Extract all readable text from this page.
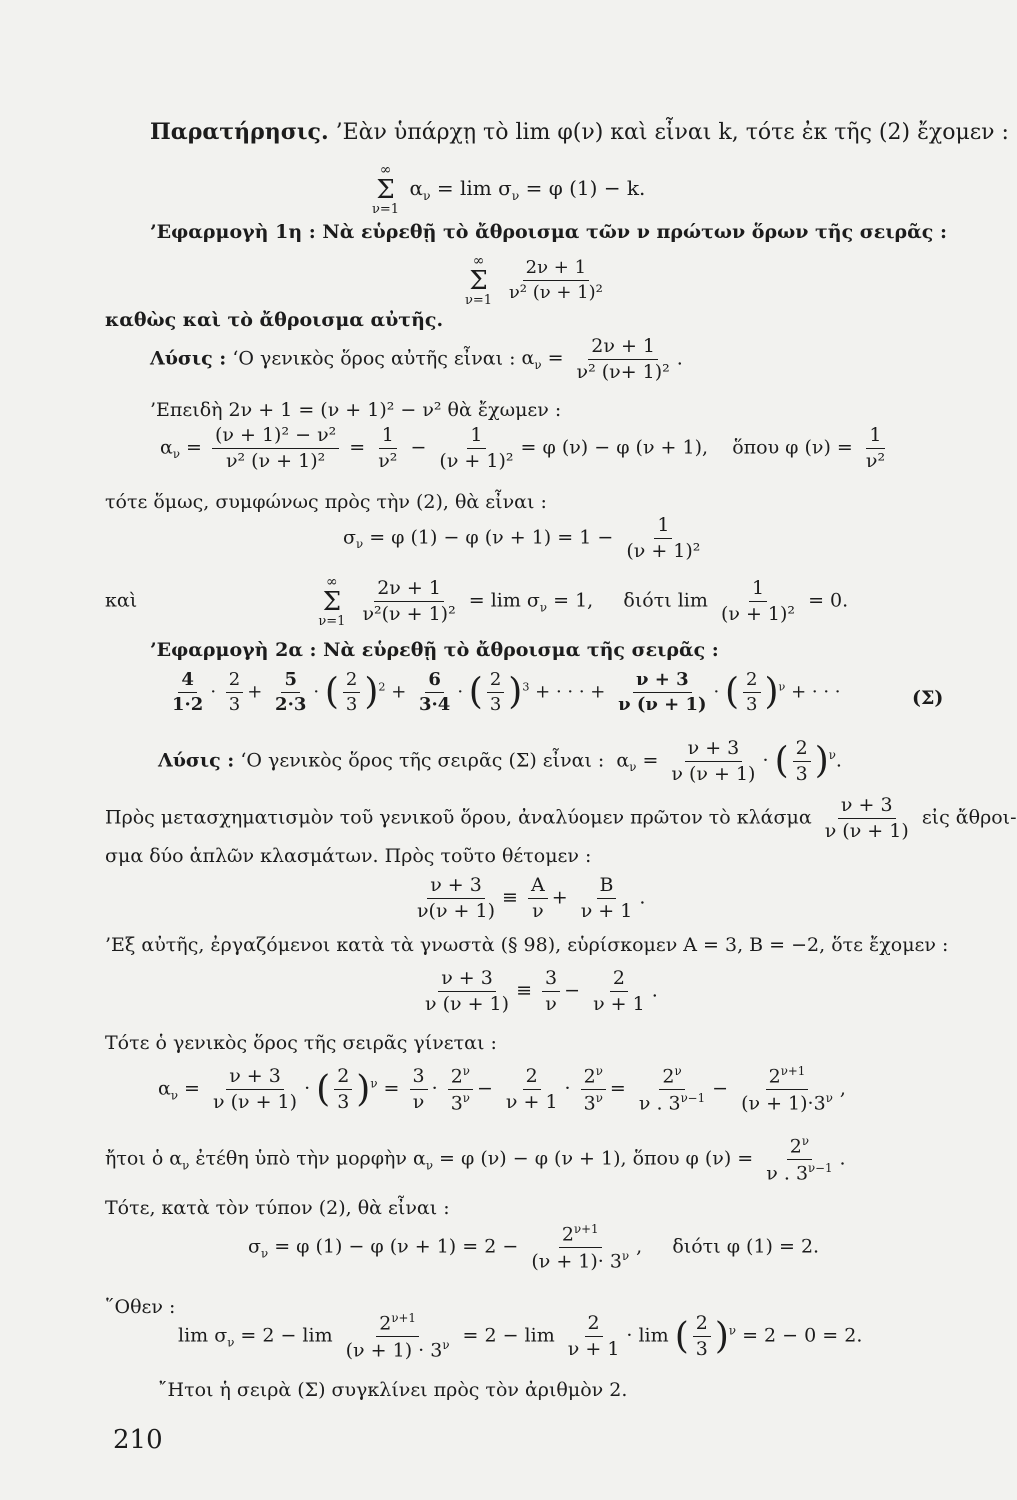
Παρατήρησις. ’Εὰν ὑπάρχῃ τὸ lim φ(ν) καὶ εἶναι k, τότε ἐκ τῆς (2) ἔχομεν :
∞
Σ
ν=1
$\alpha_\nu = \lim \sigma_\nu = \varphi$ (1) − k.
’Εφαρμογὴ 1η : Νὰ εὑρεθῇ τὸ ἄθροισμα τῶν ν πρώτων ὅρων τῆς σειρᾶς :
∞
Σ
ν=1
$\frac{2\nu + 1}{\text{ν² (ν + 1)²}}$
καθὼς καὶ τὸ ἄθροισμα αὐτῆς.
Λύσις : ‘Ο γενικὸς ὅρος αὐτῆς εἶναι : $\alpha_\nu = \frac{2\nu + 1}{\text{ν² (ν+ 1)²}}$ .
’Επειδὴ 2ν + 1 = (ν + 1)² − ν² θὰ ἔχωμεν :
$\alpha_\nu = \frac{\text{(ν + 1)² − ν²}}{\text{ν² (ν + 1)²}} = \frac{1}{\text{ν²}} - \frac{1}{\text{(ν + 1)²}} = \varphi$ (ν) − φ (ν + 1),    ὅπου φ $(\nu) = \frac{1}{\text{ν²}}$
τότε ὅμως, συμφώνως πρὸς τὴν (2), θὰ εἶναι :
$\sigma_\nu = \varphi$ (1) − φ $(\nu + 1) = 1 - \frac{1}{\text{(ν + 1)²}}$
καὶ
∞
Σ
ν=1
$\frac{2\nu + 1}{\text{ν²(ν + 1)²}} = \lim \sigma_\nu = 1$, διότι $\lim \frac{1}{\text{(ν + 1)²}} = 0$.
’Εφαρμογὴ 2α : Νὰ εὑρεθῇ τὸ ἄθροισμα τῆς σειρᾶς :
$\frac{4}{1\cdot 2} \cdot \frac{2}{3} + \frac{5}{2\cdot 3}$ · ( $\frac{2}{3} )^2 + \frac{6}{3\cdot 4}$ · ( $\frac{2}{3} )^3$ + · · · + $\frac{\nu + 3}{\nu (\nu + 1)}$ · ( $\frac{2}{3} )^\nu$ + · · ·	(Σ)
Λύσις : ‘Ο γενικὸς ὅρος τῆς σειρᾶς (Σ) εἶναι :  $\alpha_\nu = \frac{\nu + 3}{\nu (\nu + 1)}$ · ( $\frac{2}{3} )^\nu$.
Πρὸς μετασχηματισμὸν τοῦ γενικοῦ ὅρου, ἀναλύομεν πρῶτον τὸ κλάσμα $\frac{\nu + 3}{\nu (\nu + 1)}$ εἰς ἄθροι-
σμα δύο ἁπλῶν κλασμάτων. Πρὸς τοῦτο θέτομεν :
$\frac{\nu + 3}{\nu(\nu + 1)} \equiv \frac{A}{\nu} + \frac{B}{\nu + 1}$ .
’Εξ αὐτῆς, ἐργαζόμενοι κατὰ τὰ γνωστὰ (§ 98), εὑρίσκομεν A = 3, B = −2, ὅτε ἔχομεν :
$\frac{\nu + 3}{\nu (\nu + 1)} \equiv \frac{3}{\nu} - \frac{2}{\nu + 1}$ .
Τότε ὁ γενικὸς ὅρος τῆς σειρᾶς γίνεται :
$\alpha_\nu = \frac{\nu + 3}{\nu (\nu + 1)}$ · ( $\frac{2}{3} )^\nu = \frac{3}{\nu} \cdot \frac{2^\nu}{3^\nu} - \frac{2}{\nu + 1} \cdot \frac{2^\nu}{3^\nu} = \frac{2^\nu}{\nu . 3^{\nu-1}} - \frac{2^{\nu+1}}{(\nu + 1)\cdot 3^\nu}$ ,
ἤτοι ὁ $\alpha_\nu$ ἐτέθη ὑπὸ τὴν μορφὴν $\alpha_\nu = \varphi$ (ν) − φ (ν + 1), ὅπου φ $(\nu) = \frac{2^\nu}{\nu . 3^{\nu-1}}$ .
Τότε, κατὰ τὸν τύπον (2), θὰ εἶναι :
$\sigma_\nu = \varphi$ (1) − φ $(\nu + 1) = 2 - \frac{2^{\nu+1}}{(\nu + 1)\cdot 3^\nu}$ ,     διότι φ (1) = 2.
῞Οθεν :
$\lim \sigma_\nu = 2 - \lim \frac{2^{\nu+1}}{(\nu + 1) \cdot 3^\nu} = 2 - \lim \frac{2}{\nu + 1} \cdot \lim$ ( $\frac{2}{3} )^\nu = 2 - 0 = 2$.
῎Ητοι ἡ σειρὰ (Σ) συγκλίνει πρὸς τὸν ἀριθμὸν 2.
210
